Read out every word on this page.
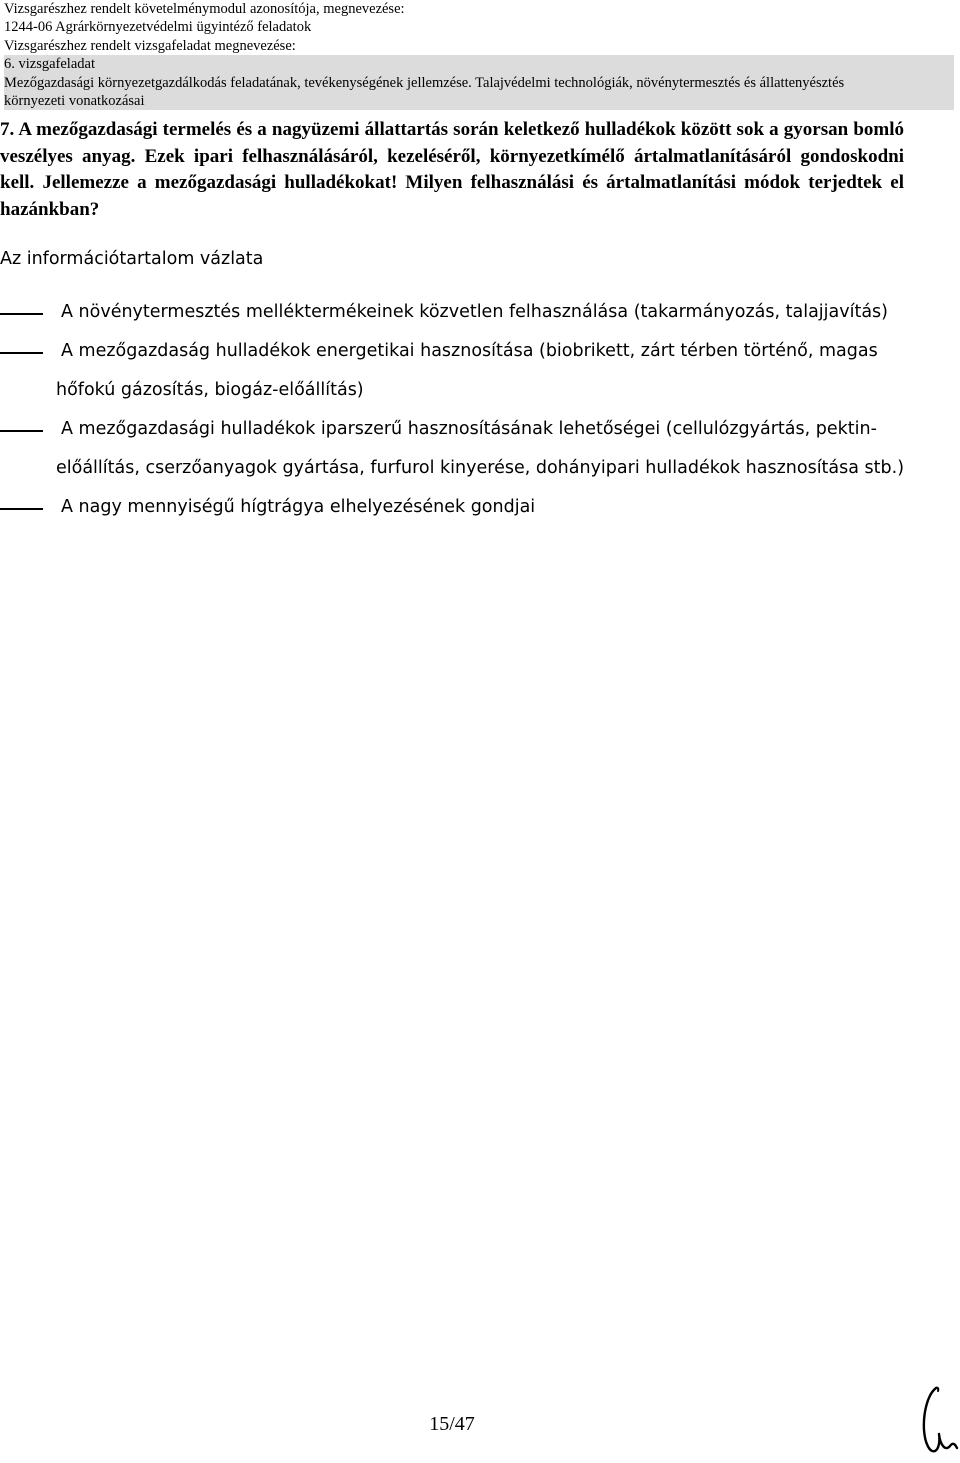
Vizsgarészhez rendelt követelménymodul azonosítója, megnevezése:
1244-06 Agrárkörnyezetvédelmi ügyintéző feladatok
Vizsgarészhez rendelt vizsgafeladat megnevezése:
6. vizsgafeladat
Mezőgazdasági környezetgazdálkodás feladatának, tevékenységének jellemzése. Talajvédelmi technológiák, növénytermesztés és állattenyésztés
környezeti vonatkozásai

7. A mezőgazdasági termelés és a nagyüzemi állattartás során keletkező hulladékok között sok a gyorsan bomló veszélyes anyag. Ezek ipari felhasználásáról, kezeléséről, környezetkímélő ártalmatlanításáról gondoskodni kell. Jellemezze a mezőgazdasági hulladékokat! Milyen felhasználási és ártalmatlanítási módok terjedtek el hazánkban?

Az információtartalom vázlata
A növénytermesztés melléktermékeinek közvetlen felhasználása (takarmányozás, talajjavítás)
A mezőgazdaság hulladékok energetikai hasznosítása (biobrikett, zárt térben történő, magas hőfokú gázosítás, biogáz-előállítás)
A mezőgazdasági hulladékok iparszerű hasznosításának lehetőségei (cellulózgyártás, pektin-előállítás, cserzőanyagok gyártása, furfurol kinyerése, dohányipari hulladékok hasznosítása stb.)
A nagy mennyiségű hígtrágya elhelyezésének gondjai
15/47
